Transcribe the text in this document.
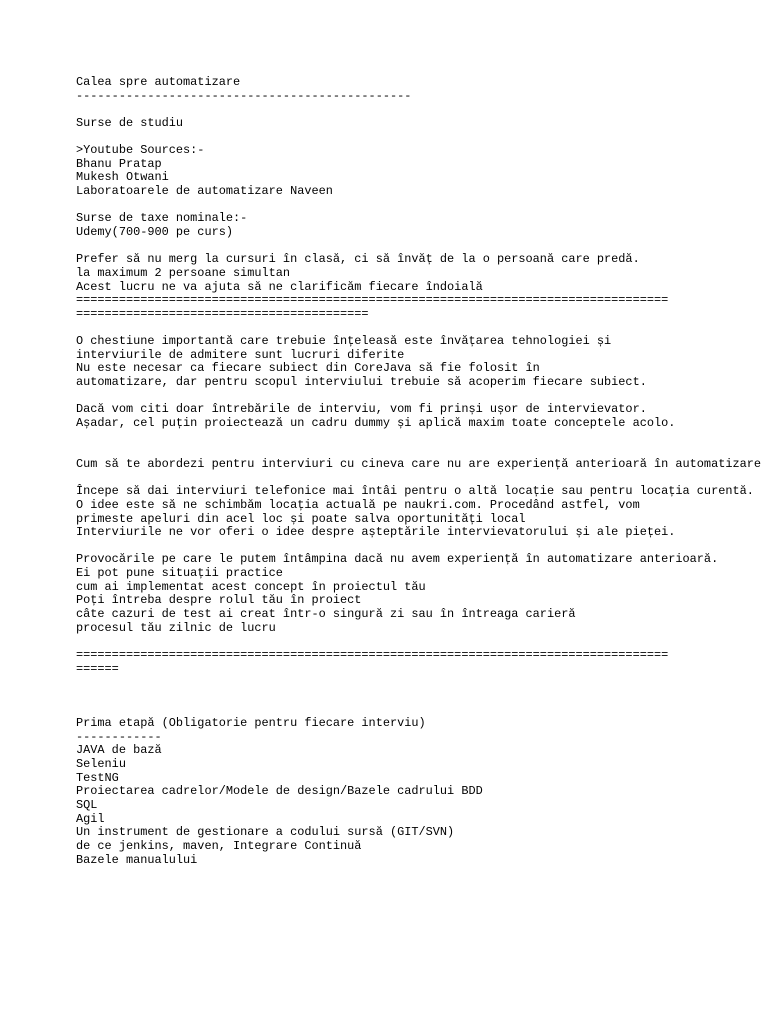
Calea spre automatizare
-----------------------------------------------
Surse de studiu
>Youtube Sources:-
Bhanu Pratap
Mukesh Otwani
Laboratoarele de automatizare Naveen
Surse de taxe nominale:-
Udemy(700-900 pe curs)
Prefer să nu merg la cursuri în clasă, ci să învăț de la o persoană care predă.
la maximum 2 persoane simultan
Acest lucru ne va ajuta să ne clarificăm fiecare îndoială
===================================================================================
=========================================
O chestiune importantă care trebuie înțeleasă este învățarea tehnologiei și
interviurile de admitere sunt lucruri diferite
Nu este necesar ca fiecare subiect din CoreJava să fie folosit în
automatizare, dar pentru scopul interviului trebuie să acoperim fiecare subiect.
Dacă vom citi doar întrebările de interviu, vom fi prinși ușor de intervievator.
Așadar, cel puțin proiectează un cadru dummy și aplică maxim toate conceptele acolo.
Cum să te abordezi pentru interviuri cu cineva care nu are experiență anterioară în automatizare
Începe să dai interviuri telefonice mai întâi pentru o altă locație sau pentru locația curentă.
O idee este să ne schimbăm locația actuală pe naukri.com. Procedând astfel, vom
primeste apeluri din acel loc și poate salva oportunități local
Interviurile ne vor oferi o idee despre așteptările intervievatorului și ale pieței.
Provocările pe care le putem întâmpina dacă nu avem experiență în automatizare anterioară.
Ei pot pune situații practice
cum ai implementat acest concept în proiectul tău
Poți întreba despre rolul tău în proiect
câte cazuri de test ai creat într-o singură zi sau în întreaga carieră
procesul tău zilnic de lucru
===================================================================================
======
Prima etapă (Obligatorie pentru fiecare interviu)
------------
JAVA de bază
Seleniu
TestNG
Proiectarea cadrelor/Modele de design/Bazele cadrului BDD
SQL
Agil
Un instrument de gestionare a codului sursă (GIT/SVN)
de ce jenkins, maven, Integrare Continuă
Bazele manualului
